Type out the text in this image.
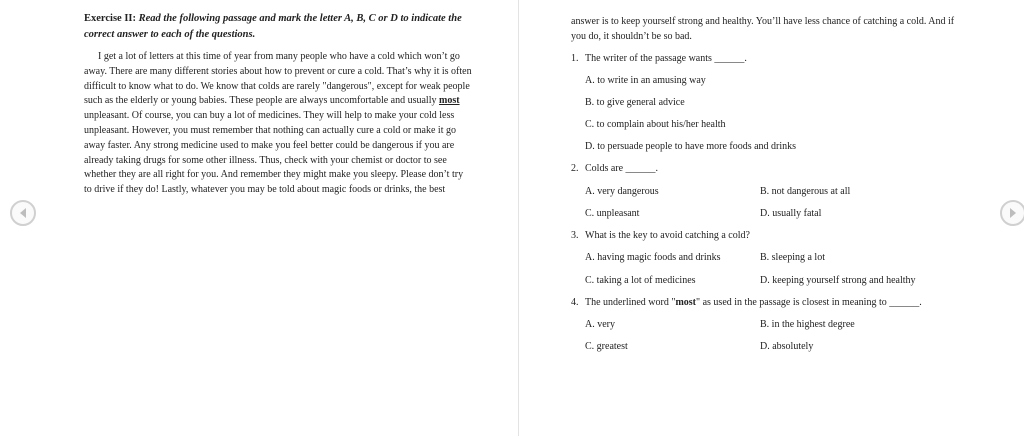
Exercise II: Read the following passage and mark the letter A, B, C or D to indicate the
correct answer to each of the questions.
I get a lot of letters at this time of year from many people who have a cold which won’t go
away. There are many different stories about how to prevent or cure a cold. That’s why it is often
difficult to know what to do. We know that colds are rarely "dangerous", except for weak people
such as the elderly or young babies. These people are always uncomfortable and usually most
unpleasant. Of course, you can buy a lot of medicines. They will help to make your cold less
unpleasant. However, you must remember that nothing can actually cure a cold or make it go
away faster. Any strong medicine used to make you feel better could be dangerous if you are
already taking drugs for some other illness. Thus, check with your chemist or doctor to see
whether they are all right for you. And remember they might make you sleepy. Please don’t try
to drive if they do! Lastly, whatever you may be told about magic foods or drinks, the best
answer is to keep yourself strong and healthy. You’ll have less chance of catching a cold. And if
you do, it shouldn’t be so bad.
1. The writer of the passage wants ______.
A. to write in an amusing way
B. to give general advice
C. to complain about his/her health
D. to persuade people to have more foods and drinks
2. Colds are ______.
A. very dangerous	B. not dangerous at all
C. unpleasant	D. usually fatal
3. What is the key to avoid catching a cold?
A. having magic foods and drinks	B. sleeping a lot
C. taking a lot of medicines	D. keeping yourself strong and healthy
4. The underlined word "most" as used in the passage is closest in meaning to ______.
A. very	B. in the highest degree
C. greatest	D. absolutely
